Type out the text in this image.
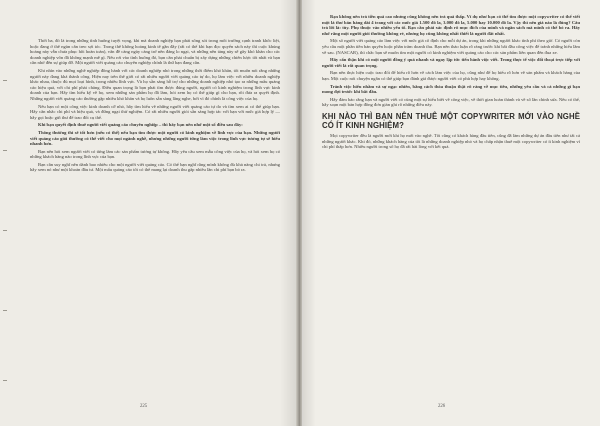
Thời ba, đó là trong những tình huống tuyệt vọng, khi mà doanh nghiệp bạn phải sống sót trong môi trường cạnh tranh khốc liệt, hoặc đang ở thế ngàn cân treo sợi tóc. Trong thế không hoảng kinh tế gần đây (rất có thể khi bạn đọc quyển sách này thì cuộc khủng hoảng này vẫn chưa phục hồi hoàn toàn), vấn đề càng ngày càng trở nên đáng lo ngại, và những nền tảng này sẽ gây khó khăn cho các doanh nghiệp vốn đã không mạnh mẽ gì. Nếu rơi vào tình huống đó, bạn cần phải chuẩn bị xây dựng những chiến lược tốt nhất và bạn cần nhờ đến sự giúp đỡ. Một người viết quảng cáo chuyên nghiệp chính là thứ bạn đang cần.

Khi nhìn vào những nghề nghiệp đồng hành với các doanh nghiệp nhỏ trong những thời điểm khó khăn, tôi muốn nói rằng những người này đang khá thành công. Hiện nay trên thế giới có rất nhiều người viết quảng cáo tự do, họ làm việc với nhiều doanh nghiệp khác nhau, thuộc đủ mọi loại hình, trong nhiều lĩnh vực. Và họ sẵn sàng hỗ trợ cho những doanh nghiệp nhỏ tạo ra những mẩu quảng cáo hiệu quả, với chi phí phải chăng. Điều quan trọng là bạn phải tìm được đúng người, người có kinh nghiệm trong lĩnh vực kinh doanh của bạn. Hãy tìm hiểu kỹ về họ, xem những sản phẩm họ đã làm, hỏi xem họ có thể giúp gì cho bạn, rồi đưa ra quyết định. Những người viết quảng cáo thường gặp nhiều khó khăn và họ luôn sẵn sàng lắng nghe, bởi vì đó chính là công việc của họ.

Nếu bạn có một công việc kinh doanh cỡ nhỏ, hãy tìm hiểu về những người viết quảng cáo tự do và tìm xem ai có thể giúp bạn. Hãy cân nhắc chi phí và hiệu quả, và đừng ngại thử nghiệm. Có rất nhiều người giỏi sẵn sàng hợp tác với bạn với mức giá hợp lý — hãy gọi hoặc gửi thư để trao đổi cụ thể.

Khi bạn quyết định thuê người viết quảng cáo chuyên nghiệp – thì hãy bạn nên nhớ một số điều sau đây:

Thông thường thì sẽ tốt hơn (nếu có thể) nếu bạn tìm được một người có kinh nghiệm về lĩnh vực của bạn. Những người viết quảng cáo giỏi thường có thể viết cho mọi ngành nghề, nhưng những người từng làm việc trong lĩnh vực tương tự sẽ hiểu nhanh hơn.

Bạn nên hỏi xem người viết có từng làm các sản phẩm tương tự không. Hãy yêu cầu xem mẫu công việc của họ, và hỏi xem họ có những khách hàng nào trong lĩnh vực của bạn.

Bạn cần suy nghĩ nên dành bao nhiêu cho một người viết quảng cáo. Có thể bạn nghĩ rằng mình không đủ khả năng chi trả, nhưng hãy xem nó như một khoản đầu tư. Một mẩu quảng cáo tốt có thể mang lại doanh thu gấp nhiều lần chi phí bạn bỏ ra.

225

Bạn không nên trả tiền quá cao nhưng cũng không nên trả quá thấp. Ví dụ như bạn có thể tìm được một copywriter có thể viết một lá thư bán hàng dài 4 trang với các mức giá 1.500 đô la, 3.000 đô la, 5.000 hay 10.000 đô la. Vậy thì nên giá nào là đúng? Câu trả lời là: tùy. Phụ thuộc vào nhiều yếu tố. Bạn cần phải xác định rõ mục đích của mình và ngân sách mà mình có thể bỏ ra. Hãy nhớ rằng một người giỏi thường không rẻ, nhưng họ cũng không nhất thiết là người đắt nhất.

Một số người viết quảng cáo làm việc với mức giá cố định cho mỗi dự án, trong khi những người khác tính phí theo giờ. Có người còn yêu cầu một phần tiền bản quyền hoặc phần trăm doanh thu. Bạn nên thảo luận rõ ràng trước khi bắt đầu công việc để tránh những hiểu lầm về sau. (NASCAR), thì chắc bạn sẽ muốn tìm một người có kinh nghiệm viết quảng cáo cho các sản phẩm liên quan đến đua xe.

Hãy cẩn thận khi có một người đồng ý quá nhanh và ngay lập tức tiến hành việc viết. Trong thực tế việc đối thoại trực tiếp với người viết là rất quan trọng.

Bạn nên thực hiện cuộc trao đổi để hiểu rõ hơn về cách làm việc của họ, cũng như để họ hiểu rõ hơn về sản phẩm và khách hàng của bạn. Một cuộc nói chuyện ngắn có thể giúp bạn đánh giá được người viết có phù hợp hay không.

Tránh việc hiểu nhầm và sự ngạc nhiên, bằng cách thỏa thuận thật rõ ràng về mục tiêu, những yêu cầu và cả những gì bạn mong đợi trước khi bắt đầu.

Hãy đảm bảo rằng bạn và người viết có cùng một sự hiểu biết về công việc, về thời gian hoàn thành và về số lần chỉnh sửa. Nếu có thể, hãy soạn một bản hợp đồng đơn giản ghi rõ những điều này.

KHI NÀO THÌ BẠN NÊN THUÊ MỘT COPYWRITER MỚI VÀO NGHỀ CÓ ÍT KINH NGHIỆM?

Mọi copywriter đều là người mới khi họ mới vào nghề. Tôi cũng có khách hàng đầu tiên, cũng đã làm những dự án đầu tiên như tất cả những người khác. Khi đó, những khách hàng của tôi là những doanh nghiệp nhỏ và họ chấp nhận thuê một copywriter có ít kinh nghiệm vì chi phí thấp hơn. Nhiều người trong số họ đã rất hài lòng với kết quả.

226
